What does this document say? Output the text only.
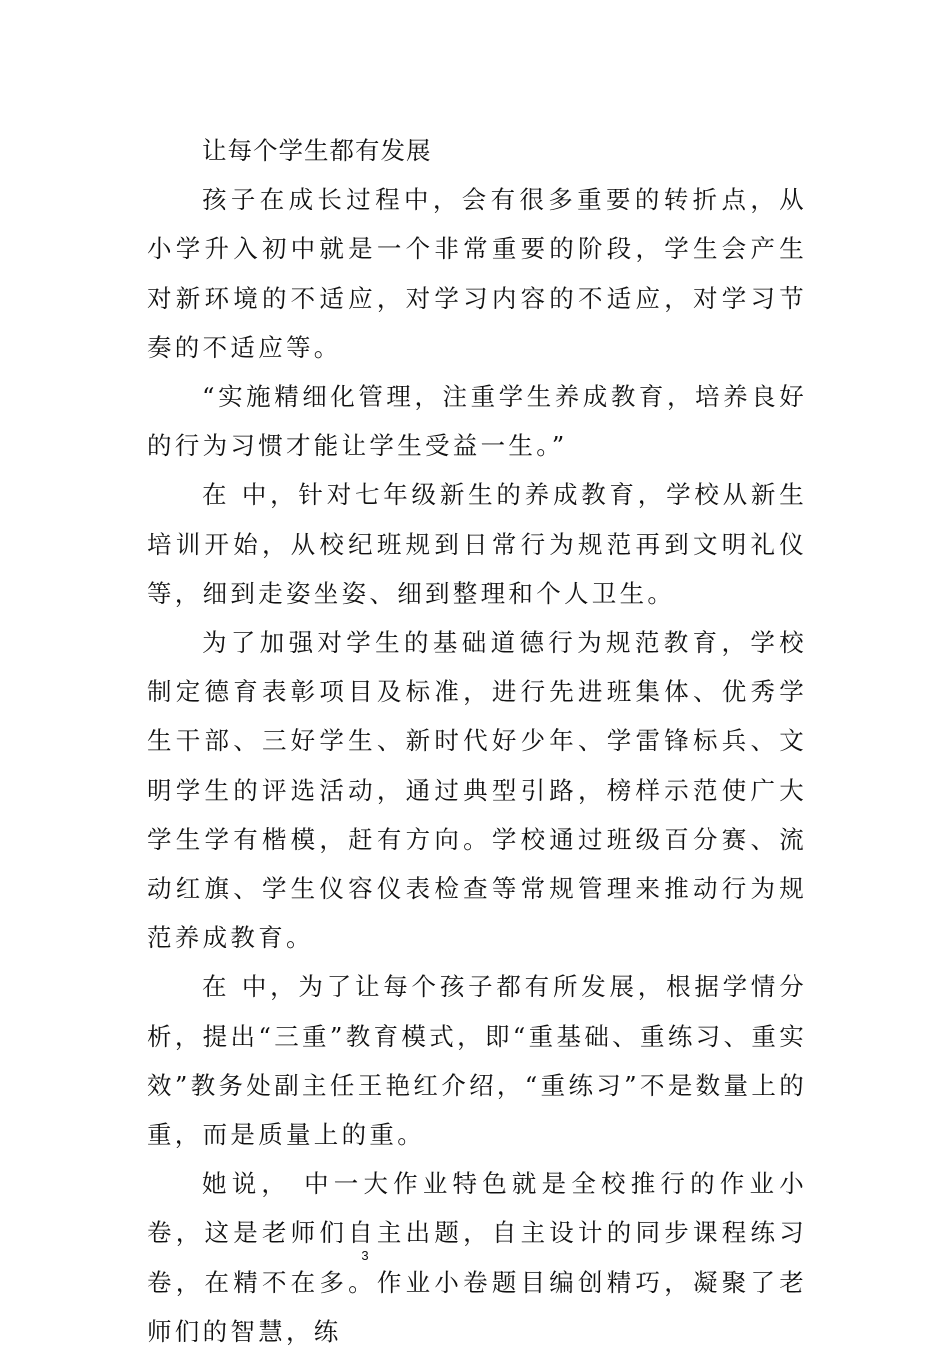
让每个学生都有发展

孩子在成长过程中，会有很多重要的转折点，从小学升入初中就是一个非常重要的阶段，学生会产生对新环境的不适应，对学习内容的不适应，对学习节奏的不适应等。

“实施精细化管理，注重学生养成教育，培养良好的行为习惯才能让学生受益一生。”

在 中，针对七年级新生的养成教育，学校从新生培训开始，从校纪班规到日常行为规范再到文明礼仪等，细到走姿坐姿、细到整理和个人卫生。

为了加强对学生的基础道德行为规范教育，学校制定德育表彰项目及标准，进行先进班集体、优秀学生干部、三好学生、新时代好少年、学雷锋标兵、文明学生的评选活动，通过典型引路，榜样示范使广大学生学有楷模，赶有方向。学校通过班级百分赛、流动红旗、学生仪容仪表检查等常规管理来推动行为规范养成教育。

在 中，为了让每个孩子都有所发展，根据学情分析，提出“三重”教育模式，即“重基础、重练习、重实效”教务处副主任王艳红介绍，“重练习”不是数量上的重，而是质量上的重。

她说， 中一大作业特色就是全校推行的作业小卷，这是老师们自主出题，自主设计的同步课程练习卷，在精不在多。作业小卷题目编创精巧，凝聚了老师们的智慧，练

3
